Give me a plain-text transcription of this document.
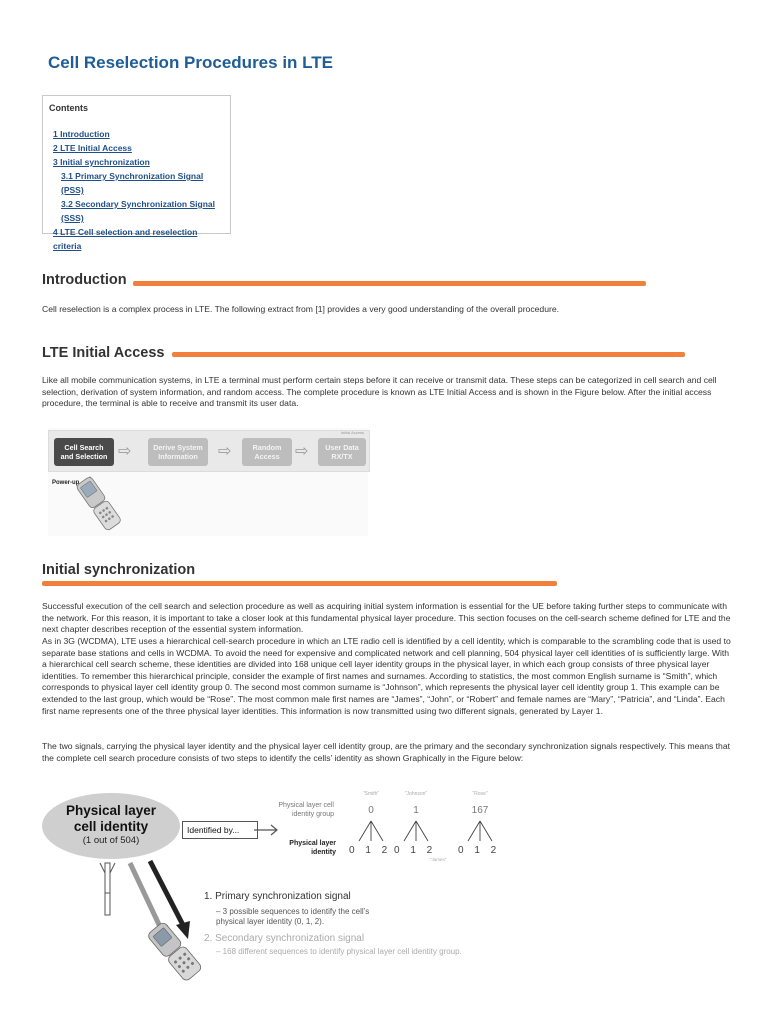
Cell Reselection Procedures in LTE
Contents
1 Introduction
2 LTE Initial Access
3 Initial synchronization
3.1 Primary Synchronization Signal (PSS)
3.2 Secondary Synchronization Signal (SSS)
4 LTE Cell selection and reselection criteria
Introduction

Cell reselection is a complex process in LTE. The following extract from [1] provides a very good understanding of the overall procedure.

LTE Initial Access

Like all mobile communication systems, in LTE a terminal must perform certain steps before it can receive or transmit data. These steps can be categorized in cell search and cell selection, derivation of system information, and random access. The complete procedure is known as LTE Initial Access and is shown in the Figure below. After the initial access procedure, the terminal is able to receive and transmit its user data.

Initial Access
Cell Search
and Selection ⇨	Derive System
Information	⇨	Random
Access ⇨	User Data
RX/TX
Power-up
Initial synchronization

Successful execution of the cell search and selection procedure as well as acquiring initial system information is essential for the UE before taking further steps to communicate with the network. For this reason, it is important to take a closer look at this fundamental physical layer procedure. This section focuses on the cell-search scheme defined for LTE and the next chapter describes reception of the essential system information.

As in 3G (WCDMA), LTE uses a hierarchical cell-search procedure in which an LTE radio cell is identified by a cell identity, which is comparable to the scrambling code that is used to separate base stations and cells in WCDMA. To avoid the need for expensive and complicated network and cell planning, 504 physical layer cell identities of is sufficiently large. With a hierarchical cell search scheme, these identities are divided into 168 unique cell layer identity groups in the physical layer, in which each group consists of three physical layer identities. To remember this hierarchical principle, consider the example of first names and surnames. According to statistics, the most common English surname is “Smith”, which corresponds to physical layer cell identity group 0. The second most common surname is “Johnson”, which represents the physical layer cell identity group 1. This example can be extended to the last group, which would be “Rose”. The most common male first names are “James”, “John”, or “Robert” and female names are “Mary”, “Patricia”, and “Linda”. Each first name represents one of the three physical layer identities. This information is now transmitted using two different signals, generated by Layer 1.

The two signals, carrying the physical layer identity and the physical layer cell identity group, are the primary and the secondary synchronization signals respectively. This means that the complete cell search procedure consists of two steps to identify the cells’ identity as shown Graphically in the Figure below:

Physical layer
cell identity
(1 out of 504)
Identified by...
Physical layer cell
identity group
Physical layer
identity
“Smith”	“Johnson”	“Rose”
0	1	167
0 1 2 0 1 2 0 1 2
“James”
1. Primary synchronization signal
– 3 possible sequences to identify the cell’s
physical layer identity (0, 1, 2).
2. Secondary synchronization signal
– 168 different sequences to identify physical layer cell identity group.
